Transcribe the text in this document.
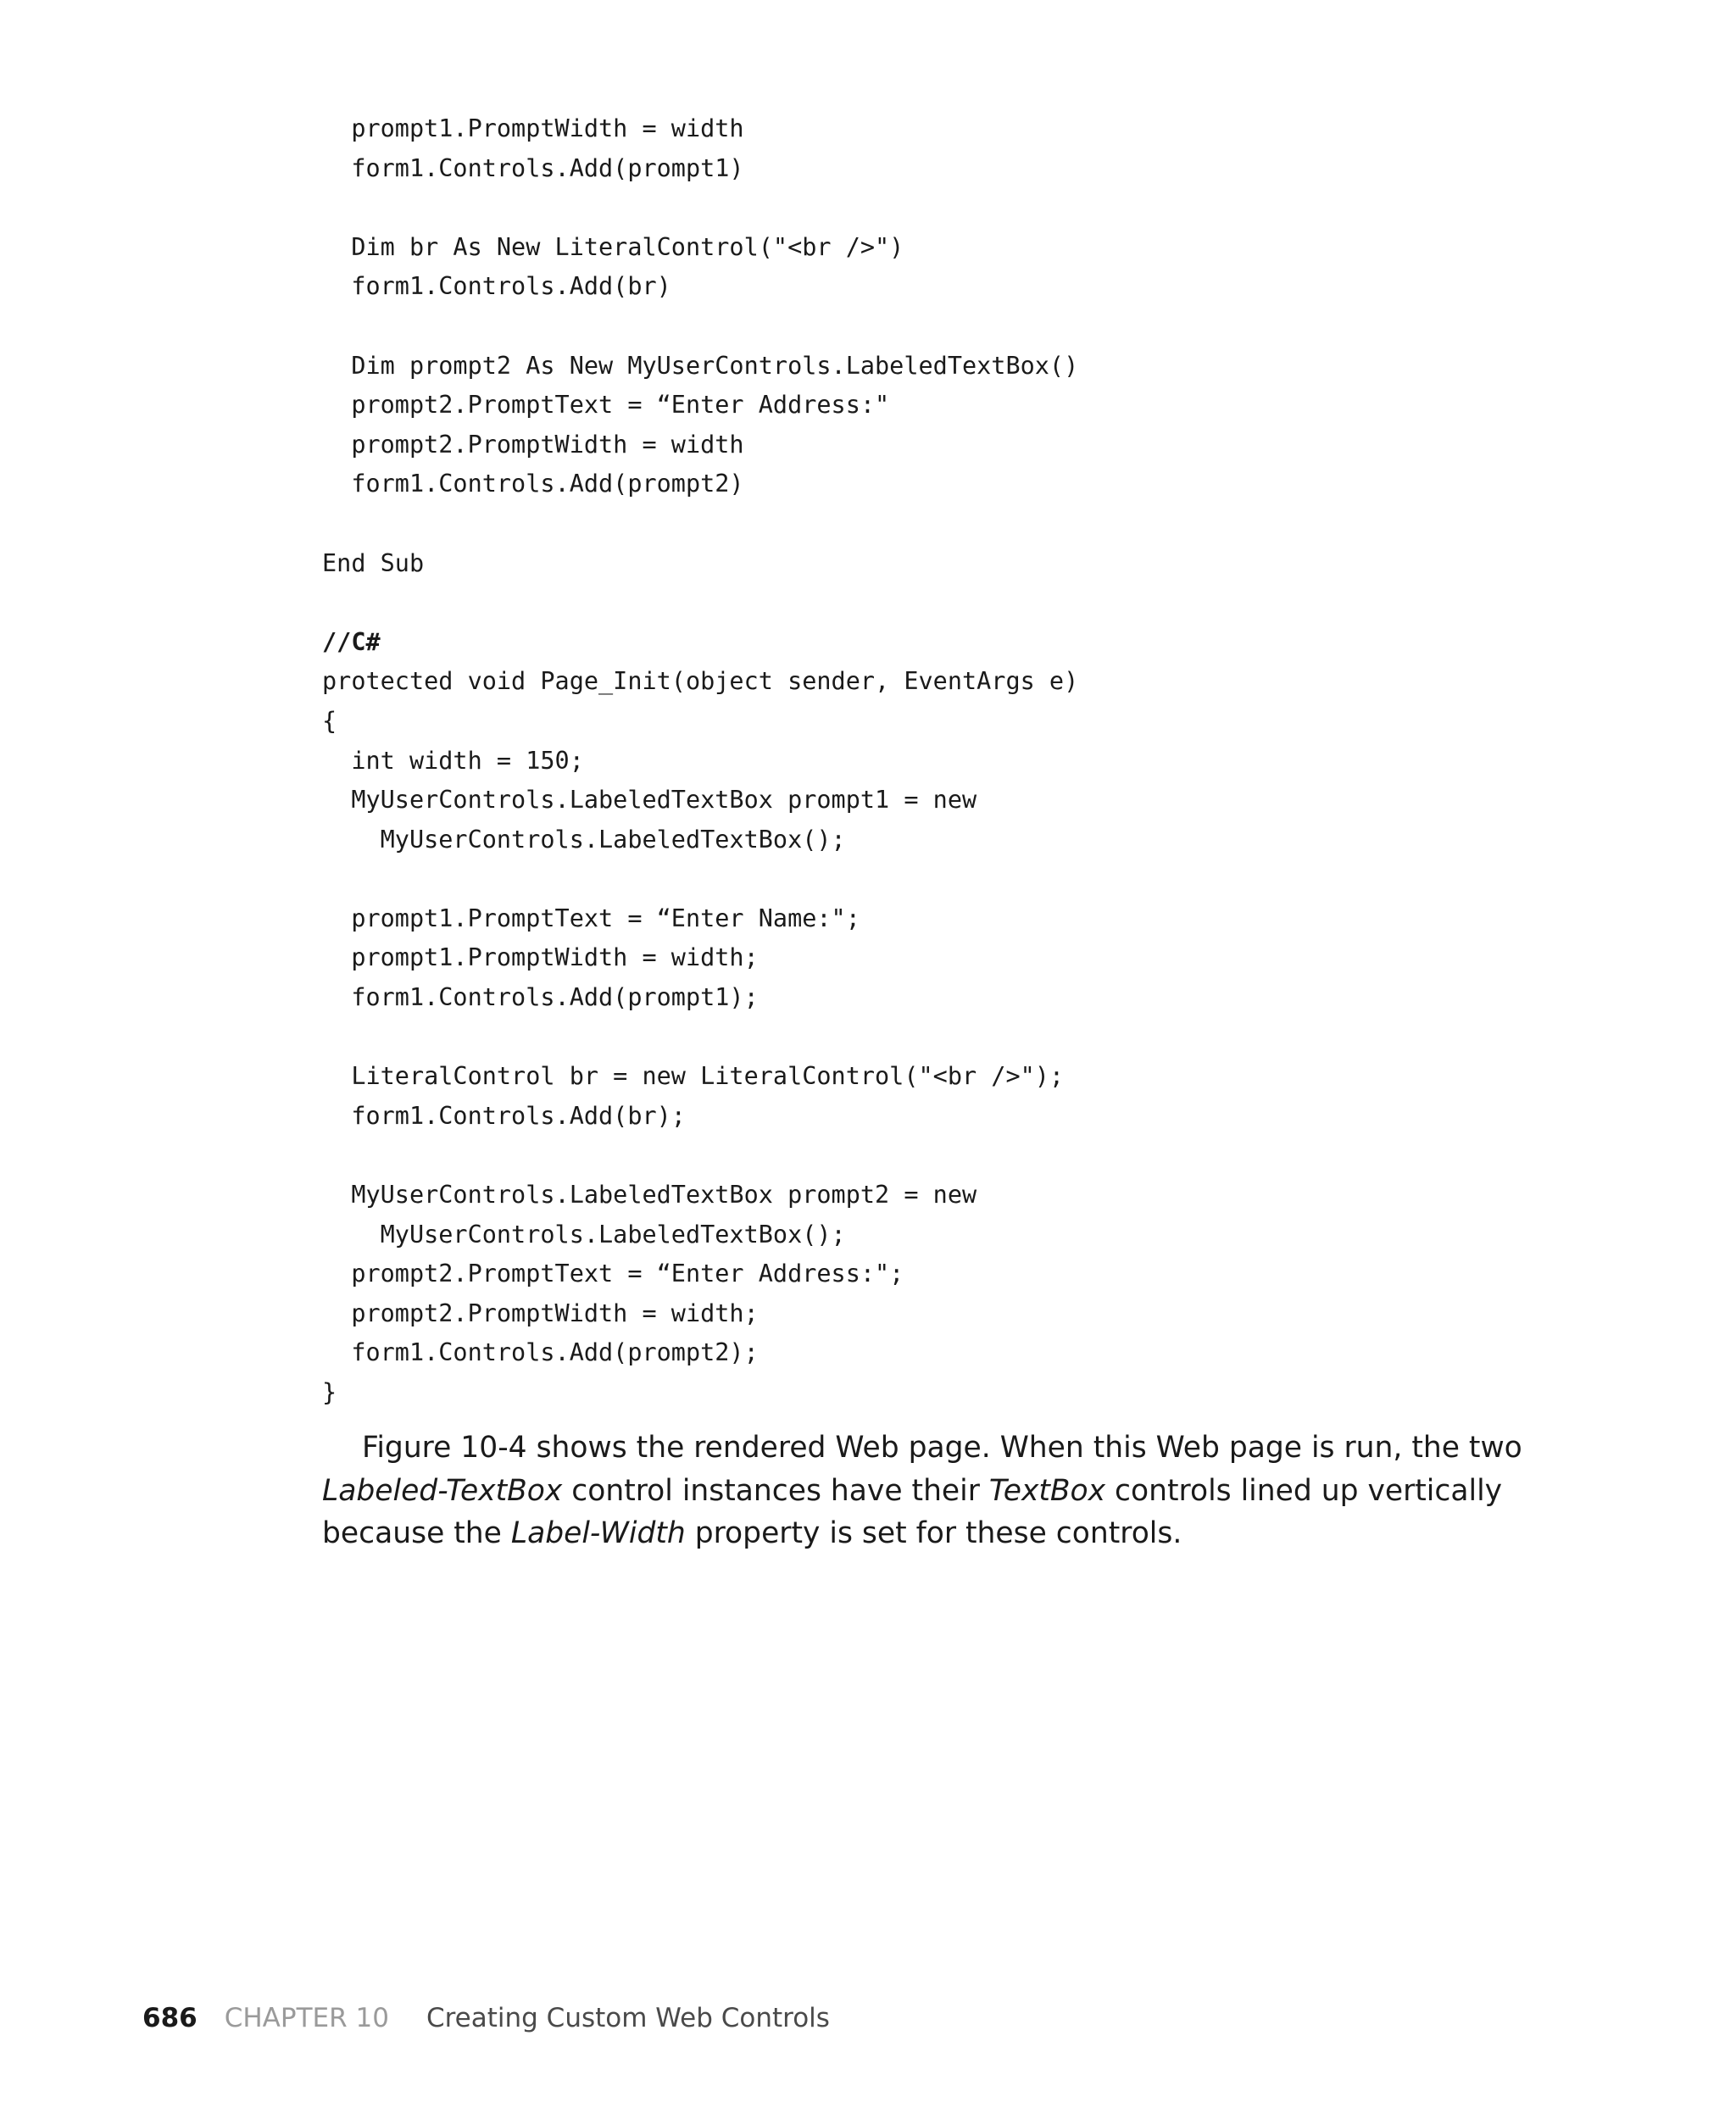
prompt1.PromptWidth = width
form1.Controls.Add(prompt1)
Dim br As New LiteralControl("<br />")
form1.Controls.Add(br)
Dim prompt2 As New MyUserControls.LabeledTextBox()
prompt2.PromptText = “Enter Address:"
prompt2.PromptWidth = width
form1.Controls.Add(prompt2)
End Sub
//C#
protected void Page_Init(object sender, EventArgs e)
{
int width = 150;
MyUserControls.LabeledTextBox prompt1 = new
MyUserControls.LabeledTextBox();
prompt1.PromptText = “Enter Name:";
prompt1.PromptWidth = width;
form1.Controls.Add(prompt1);
LiteralControl br = new LiteralControl("<br />");
form1.Controls.Add(br);
MyUserControls.LabeledTextBox prompt2 = new
MyUserControls.LabeledTextBox();
prompt2.PromptText = “Enter Address:";
prompt2.PromptWidth = width;
form1.Controls.Add(prompt2);
}

Figure 10-4 shows the rendered Web page. When this Web page is run, the two Labeled-TextBox control instances have their TextBox controls lined up vertically because the Label-Width property is set for these controls.

686 CHAPTER 10 Creating Custom Web Controls
